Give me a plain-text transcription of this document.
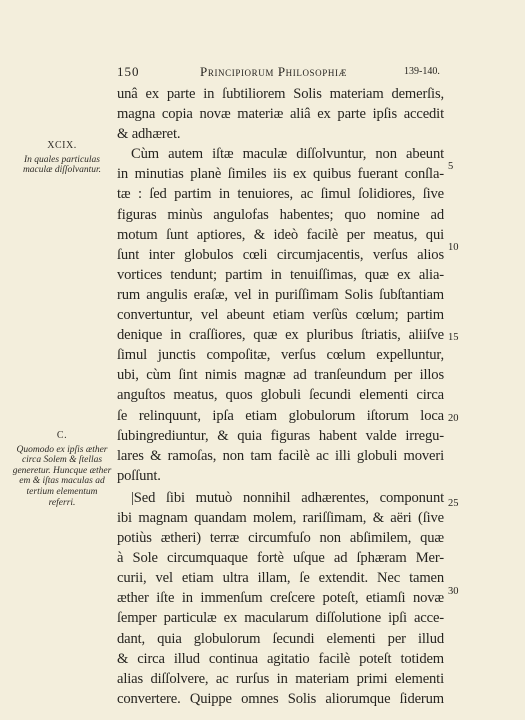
150	Principiorum Philosophiæ	139-140.
XCIX.
In quales particulas maculæ diſſolvantur.
C.
Quomodo ex ipſis æther circa Solem & ſtellas generetur. Huncque æther em & iſtas maculas ad tertium elementum referri.
unâ ex parte in ſubtiliorem Solis materiam demerſis,
magna copia novæ materiæ aliâ ex parte ipſis accedit
& adhæret.
Cùm autem iſtæ maculæ diſſolvuntur, non abeunt
in minutias planè ſimiles iis ex quibus fuerant conſla-
tæ : ſed partim in tenuiores, ac ſimul ſolidiores, ſive
figuras minùs angulofas habentes; quo nomine ad
motum ſunt aptiores, & ideò facilè per meatus, qui
ſunt inter globulos cœli circumjacentis, verſus alios
vortices tendunt; partim in tenuiſſimas, quæ ex alia-
rum angulis eraſæ, vel in puriſſimam Solis ſubſtantiam
convertuntur, vel abeunt etiam verſùs cœlum; partim
denique in craſſiores, quæ ex pluribus ſtriatis, aliiſve
ſimul junctis compoſitæ, verſus cœlum expelluntur,
ubi, cùm ſint nimis magnæ ad tranſeundum per illos
anguſtos meatus, quos globuli ſecundi elementi circa
ſe relinquunt, ipſa etiam globulorum iſtorum loca
ſubingrediuntur, & quia figuras habent valde irregu-
lares & ramoſas, non tam facilè ac illi globuli moveri
poſſunt.
|Sed ſibi mutuò nonnihil adhærentes, componunt
ibi magnam quandam molem, rariſſimam, & aëri (ſive
potiùs ætheri) terræ circumfuſo non abſimilem, quæ
à Sole circumquaque fortè uſque ad ſphæram Mer-
curii, vel etiam ultra illam, ſe extendit. Nec tamen
æther iſte in immenſum creſcere poteſt, etiamſi novæ
ſemper particulæ ex macularum diſſolutione ipſi acce-
dant, quia globulorum ſecundi elementi per illud
& circa illud continua agitatio facilè poteſt totidem
alias diſſolvere, ac rurſus in materiam primi elementi
convertere. Quippe omnes Solis aliorumque ſiderum
5
10
15
20
25
30
